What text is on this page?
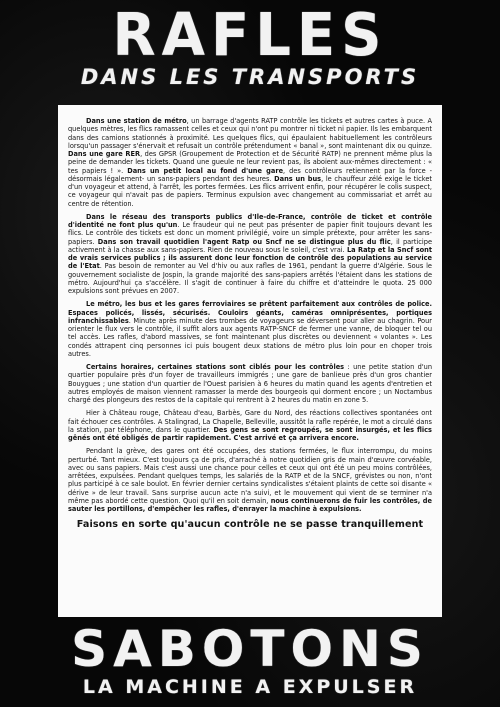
RAFLES
DANS LES TRANSPORTS

Dans une station de métro, un barrage d'agents RATP contrôle les tickets et autres cartes à puce. A quelques mètres, les flics ramassent celles et ceux qui n'ont pu montrer ni ticket ni papier. Ils les embarquent dans des camions stationnés à proximité. Les quelques flics, qui épaulaient habituellement les contrôleurs lorsqu'un passager s'énervait et refusait un contrôle prétendument « banal », sont maintenant dix ou quinze. Dans une gare RER, des GPSR (Groupement de Protection et de Sécurité RATP) ne prennent même plus la peine de demander les tickets. Quand une gueule ne leur revient pas, ils aboient aux-mêmes directement : « tes papiers ! ». Dans un petit local au fond d'une gare, des contrôleurs retiennent par la force -désormais légalement- un sans-papiers pendant des heures. Dans un bus, le chauffeur zélé exige le ticket d'un voyageur et attend, à l'arrêt, les portes fermées. Les flics arrivent enfin, pour récupérer le colis suspect, ce voyageur qui n'avait pas de papiers. Terminus expulsion avec changement au commissariat et arrêt au centre de rétention.

Dans le réseau des transports publics d'Ile-de-France, contrôle de ticket et contrôle d'identité ne font plus qu'un. Le fraudeur qui ne peut pas présenter de papier finit toujours devant les flics. Le contrôle des tickets est donc un moment privilégié, voire un simple prétexte, pour arrêter les sans-papiers. Dans son travail quotidien l'agent Ratp ou Sncf ne se distingue plus du flic, il participe activement à la chasse aux sans-papiers. Rien de nouveau sous le soleil, c'est vrai. La Ratp et la Sncf sont de vrais services publics ; ils assurent donc leur fonction de contrôle des populations au service de l'Etat. Pas besoin de remonter au Vel d'hiv ou aux rafles de 1961, pendant la guerre d'Algérie. Sous le gouvernement socialiste de Jospin, la grande majorité des sans-papiers arrêtés l'étaient dans les stations de métro. Aujourd'hui ça s'accélère. Il s'agit de continuer à faire du chiffre et d'atteindre le quota. 25 000 expulsions sont prévues en 2007.

Le métro, les bus et les gares ferroviaires se prêtent parfaitement aux contrôles de police. Espaces policés, lissés, sécurisés. Couloirs géants, caméras omniprésentes, portiques infranchissables. Minute après minute des trombes de voyageurs se déversent pour aller au chagrin. Pour orienter le flux vers le contrôle, il suffit alors aux agents RATP-SNCF de fermer une vanne, de bloquer tel ou tel accès. Les rafles, d'abord massives, se font maintenant plus discrètes ou deviennent « volantes ». Les condés attrapent cinq personnes ici puis bougent deux stations de métro plus loin pour en choper trois autres.

Certains horaires, certaines stations sont ciblés pour les contrôles : une petite station d'un quartier populaire près d'un foyer de travailleurs immigrés ; une gare de banlieue près d'un gros chantier Bouygues ; une station d'un quartier de l'Ouest parisien à 6 heures du matin quand les agents d'entretien et autres employés de maison viennent ramasser la merde des bourgeois qui dorment encore ; un Noctambus chargé des plongeurs des restos de la capitale qui rentrent à 2 heures du matin en zone 5.

Hier à Château rouge, Château d'eau, Barbès, Gare du Nord, des réactions collectives spontanées ont fait échouer ces contrôles. A Stalingrad, La Chapelle, Belleville, aussitôt la rafle repérée, le mot a circulé dans la station, par téléphone, dans le quartier. Des gens se sont regroupés, se sont insurgés, et les flics gênés ont été obligés de partir rapidement. C'est arrivé et ça arrivera encore.

Pendant la grève, des gares ont été occupées, des stations fermées, le flux interrompu, du moins perturbé. Tant mieux. C'est toujours ça de pris, d'arraché à notre quotidien gris de main d'œuvre corvéable, avec ou sans papiers. Mais c'est aussi une chance pour celles et ceux qui ont été un peu moins contrôlées, arrêtées, expulsées. Pendant quelques temps, les salariés de la RATP et de la SNCF, grévistes ou non, n'ont plus participé à ce sale boulot. En février dernier certains syndicalistes s'étaient plaints de cette soi disante « dérive » de leur travail. Sans surprise aucun acte n'a suivi, et le mouvement qui vient de se terminer n'a même pas abordé cette question. Quoi qu'il en soit demain, nous continuerons de fuir les contrôles, de sauter les portillons, d'empêcher les rafles, d'enrayer la machine à expulsions.

Faisons en sorte qu'aucun contrôle ne se passe tranquillement
SABOTONS
LA MACHINE A EXPULSER
